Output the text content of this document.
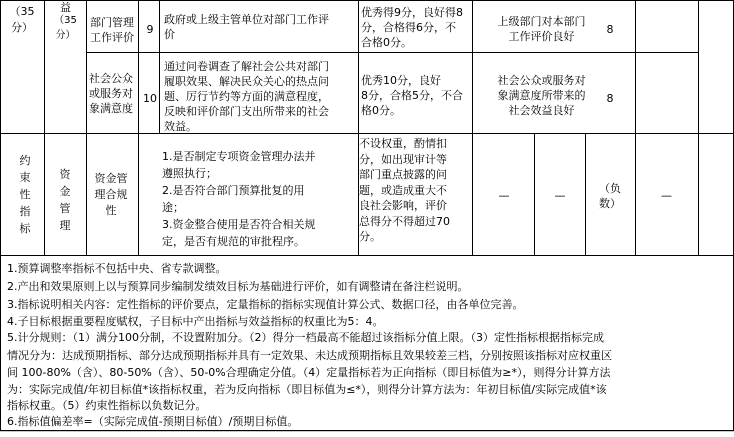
（35
分）
益
（35
分）
部门管理
工作评价
9
政府或上级主管单位对部门工作评
价
优秀得9分，良好得8
分，合格得6分，不
合格0分。
上级部门对本部门
工作评价良好
8
社会公众
或服务对
象满意度
10
通过问卷调查了解社会公共对部门
履职效果、解决民众关心的热点问
题、厉行节约等方面的满意程度，
反映和评价部门支出所带来的社会
效益。
优秀10分，良好
8分，合格5分，不合
格0分。
社会公众或服务对
象满意度所带来的
社会效益良好
8
约束性指标
资金管理
资金管
理合规
性
1.是否制定专项资金管理办法并
遵照执行；
2.是否符合部门预算批复的用
途；
3.资金整合使用是否符合相关规
定，是否有规范的审批程序。
不设权重，酌情扣
分，如出现审计等
部门重点披露的问
题，或造成重大不
良社会影响，评价
总得分不得超过70
分。
—	—	—
（负
数）
1.预算调整率指标不包括中央、省专款调整。
2.产出和效果原则上以与预算同步编制发绩效目标为基础进行评价，如有调整请在备注栏说明。
3.指标说明相关内容：定性指标的评价要点，定量指标的指标实现值计算公式、数据口径，由各单位完善。
4.子目标根据重要程度赋权，子目标中产出指标与效益指标的权重比为5：4。
5.计分规则：（1）满分100分制，不设置附加分。（2）得分一档最高不能超过该指标分值上限。（3）定性指标根据指标完成
情况分为：达成预期指标、部分达成预期指标并具有一定效果、未达成预期指标且效果较差三档，分别按照该指标对应权重区
间 100-80%（含）、80-50%（含）、50-0%合理确定分值。（4）定量指标若为正向指标（即目标值为≥*），则得分计算方法
为：实际完成值/年初目标值*该指标权重，若为反向指标（即目标值为≤*），则得分计算方法为：年初目标值/实际完成值*该
指标权重。（5）约束性指标以负数记分。
6.指标值偏差率=（实际完成值-预期目标值）/预期目标值。
